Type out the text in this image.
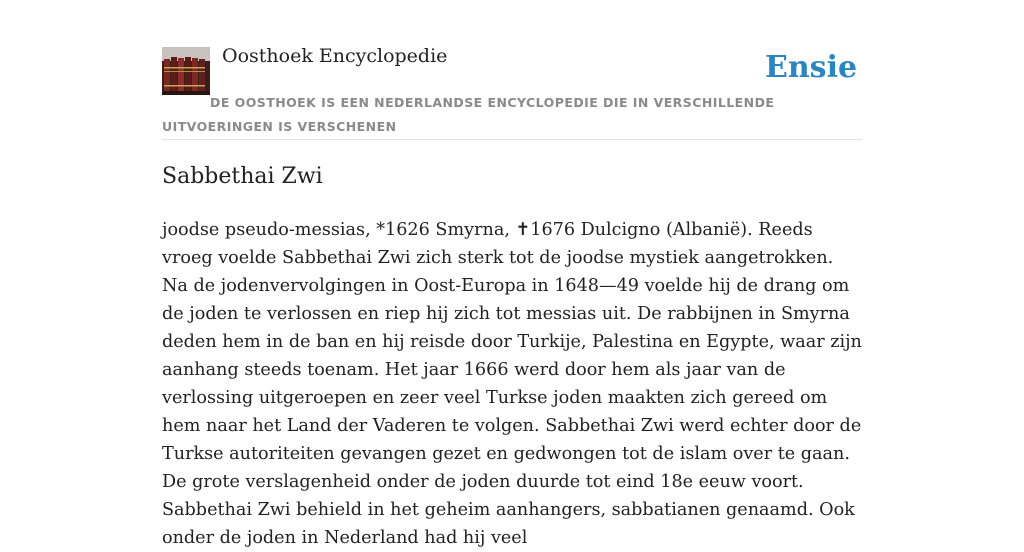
Oosthoek Encyclopedie	Ensie
DE OOSTHOEK IS EEN NEDERLANDSE ENCYCLOPEDIE DIE IN VERSCHILLENDE UITVOERINGEN IS VERSCHENEN
Sabbethai Zwi

joodse pseudo-messias, *1626 Smyrna, ✝1676 Dulcigno (Albanië). Reeds vroeg voelde Sabbethai Zwi zich sterk tot de joodse mystiek aangetrokken. Na de jodenvervolgingen in Oost-Europa in 1648—49 voelde hij de drang om de joden te verlossen en riep hij zich tot messias uit. De rabbijnen in Smyrna deden hem in de ban en hij reisde door Turkije, Palestina en Egypte, waar zijn aanhang steeds toenam. Het jaar 1666 werd door hem als jaar van de verlossing uitgeroepen en zeer veel Turkse joden maakten zich gereed om hem naar het Land der Vaderen te volgen. Sabbethai Zwi werd echter door de Turkse autoriteiten gevangen gezet en gedwongen tot de islam over te gaan. De grote verslagenheid onder de joden duurde tot eind 18e eeuw voort. Sabbethai Zwi behield in het geheim aanhangers, sabbatianen genaamd. Ook onder de joden in Nederland had hij veel
